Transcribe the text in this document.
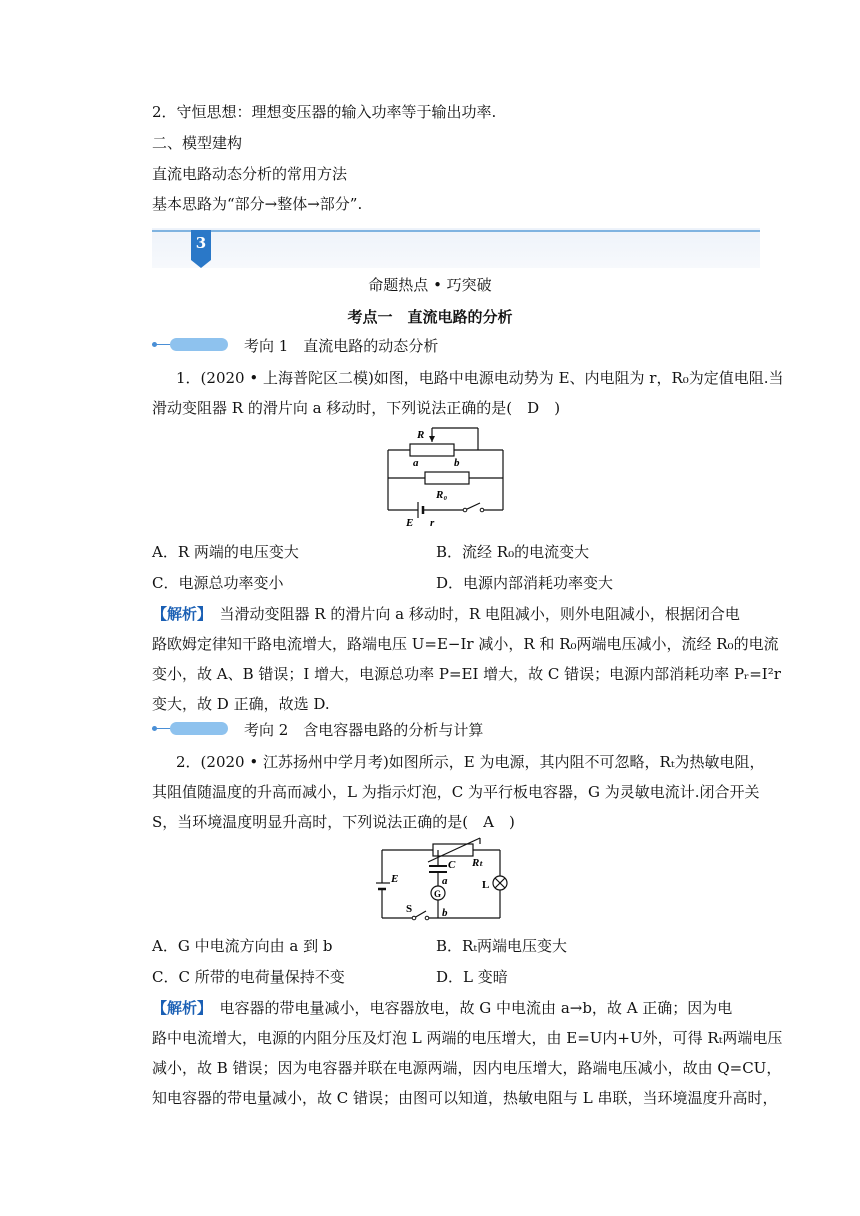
2．守恒思想：理想变压器的输入功率等于输出功率.
二、模型建构
直流电路动态分析的常用方法
基本思路为“部分→整体→部分”.
3
命题热点 • 巧突破
考点一　直流电路的分析
考向 1　直流电路的动态分析
1．(2020 • 上海普陀区二模)如图，电路中电源电动势为 E、内电阻为 r，R₀为定值电阻.当
滑动变阻器 R 的滑片向 a 移动时，下列说法正确的是(　D　)
R
a	b
R₀
E r
A．R 两端的电压变大	B．流经 R₀的电流变大
C．电源总功率变小	D．电源内部消耗功率变大
【解析】　 当滑动变阻器 R 的滑片向 a 移动时，R 电阻减小，则外电阻减小，根据闭合电
路欧姆定律知干路电流增大，路端电压 U=E−Ir 减小，R 和 R₀两端电压减小，流经 R₀的电流
变小，故 A、B 错误；I 增大，电源总功率 P=EI 增大，故 C 错误；电源内部消耗功率 Pᵣ=I²r
变大，故 D 正确，故选 D.
考向 2　含电容器电路的分析与计算
2．(2020 • 江苏扬州中学月考)如图所示，E 为电源，其内阻不可忽略，Rₜ为热敏电阻，
其阻值随温度的升高而减小，L 为指示灯泡，C 为平行板电容器，G 为灵敏电流计.闭合开关
S，当环境温度明显升高时，下列说法正确的是(　A　)
E
C Rₜ
L
G
a
b
S
A．G 中电流方向由 a 到 b	B．Rₜ两端电压变大
C．C 所带的电荷量保持不变	D．L 变暗
【解析】　 电容器的带电量减小，电容器放电，故 G 中电流由 a→b，故 A 正确；因为电
路中电流增大，电源的内阻分压及灯泡 L 两端的电压增大，由 E=U内+U外，可得 Rₜ两端电压
减小，故 B 错误；因为电容器并联在电源两端，因内电压增大，路端电压减小，故由 Q=CU，
知电容器的带电量减小，故 C 错误；由图可以知道，热敏电阻与 L 串联，当环境温度升高时，
